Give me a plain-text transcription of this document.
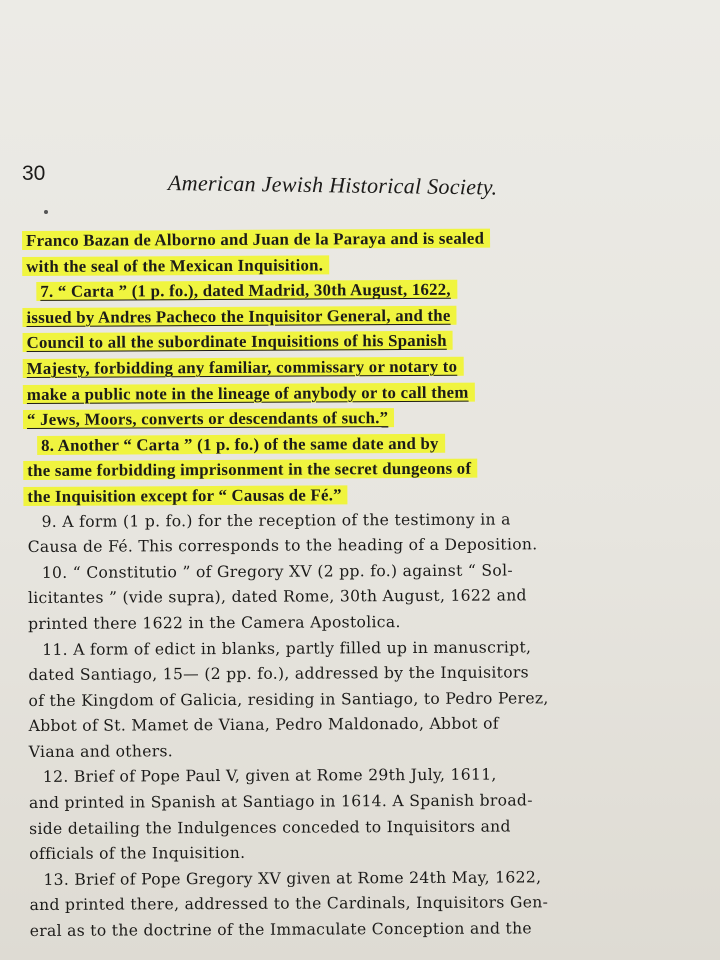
30	American Jewish Historical Society.
Franco Bazan de Alborno and Juan de la Paraya and is sealed
with the seal of the Mexican Inquisition.
7. “ Carta ” (1 p. fo.), dated Madrid, 30th August, 1622,
issued by Andres Pacheco the Inquisitor General, and the
Council to all the subordinate Inquisitions of his Spanish
Majesty, forbidding any familiar, commissary or notary to
make a public note in the lineage of anybody or to call them
“ Jews, Moors, converts or descendants of such.”
8. Another “ Carta ” (1 p. fo.) of the same date and by
the same forbidding imprisonment in the secret dungeons of
the Inquisition except for “ Causas de Fé.”
9. A form (1 p. fo.) for the reception of the testimony in a
Causa de Fé. This corresponds to the heading of a Deposition.
10. “ Constitutio ” of Gregory XV (2 pp. fo.) against “ Sol-
licitantes ” (vide supra), dated Rome, 30th August, 1622 and
printed there 1622 in the Camera Apostolica.
11. A form of edict in blanks, partly filled up in manuscript,
dated Santiago, 15— (2 pp. fo.), addressed by the Inquisitors
of the Kingdom of Galicia, residing in Santiago, to Pedro Perez,
Abbot of St. Mamet de Viana, Pedro Maldonado, Abbot of
Viana and others.
12. Brief of Pope Paul V, given at Rome 29th July, 1611,
and printed in Spanish at Santiago in 1614. A Spanish broad-
side detailing the Indulgences conceded to Inquisitors and
officials of the Inquisition.
13. Brief of Pope Gregory XV given at Rome 24th May, 1622,
and printed there, addressed to the Cardinals, Inquisitors Gen-
eral as to the doctrine of the Immaculate Conception and the
